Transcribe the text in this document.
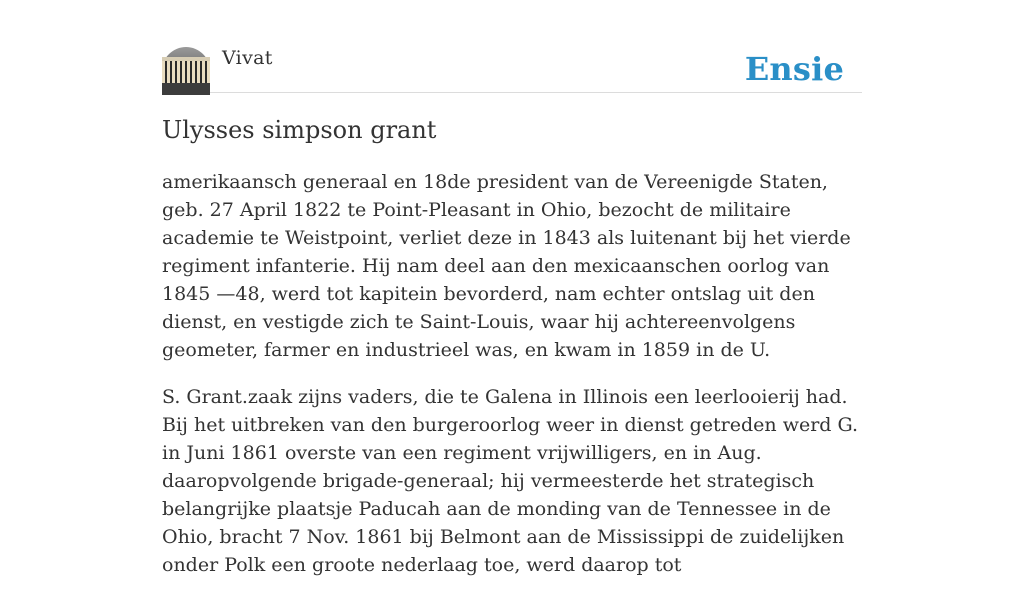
Vivat	Ensie
Ulysses simpson grant

amerikaansch generaal en 18de president van de Vereenigde Staten, geb. 27 April 1822 te Point-Pleasant in Ohio, bezocht de militaire academie te Weistpoint, verliet deze in 1843 als luitenant bij het vierde regiment infanterie. Hij nam deel aan den mexicaanschen oorlog van 1845 —48, werd tot kapitein bevorderd, nam echter ontslag uit den dienst, en vestigde zich te Saint-Louis, waar hij achtereenvolgens geometer, farmer en industrieel was, en kwam in 1859 in de U.

S. Grant.zaak zijns vaders, die te Galena in Illinois een leerlooierij had. Bij het uitbreken van den burgeroorlog weer in dienst getreden werd G. in Juni 1861 overste van een regiment vrijwilligers, en in Aug. daaropvolgende brigade-generaal; hij vermeesterde het strategisch belangrijke plaatsje Paducah aan de monding van de Tennessee in de Ohio, bracht 7 Nov. 1861 bij Belmont aan de Mississippi de zuidelijken onder Polk een groote nederlaag toe, werd daarop tot
